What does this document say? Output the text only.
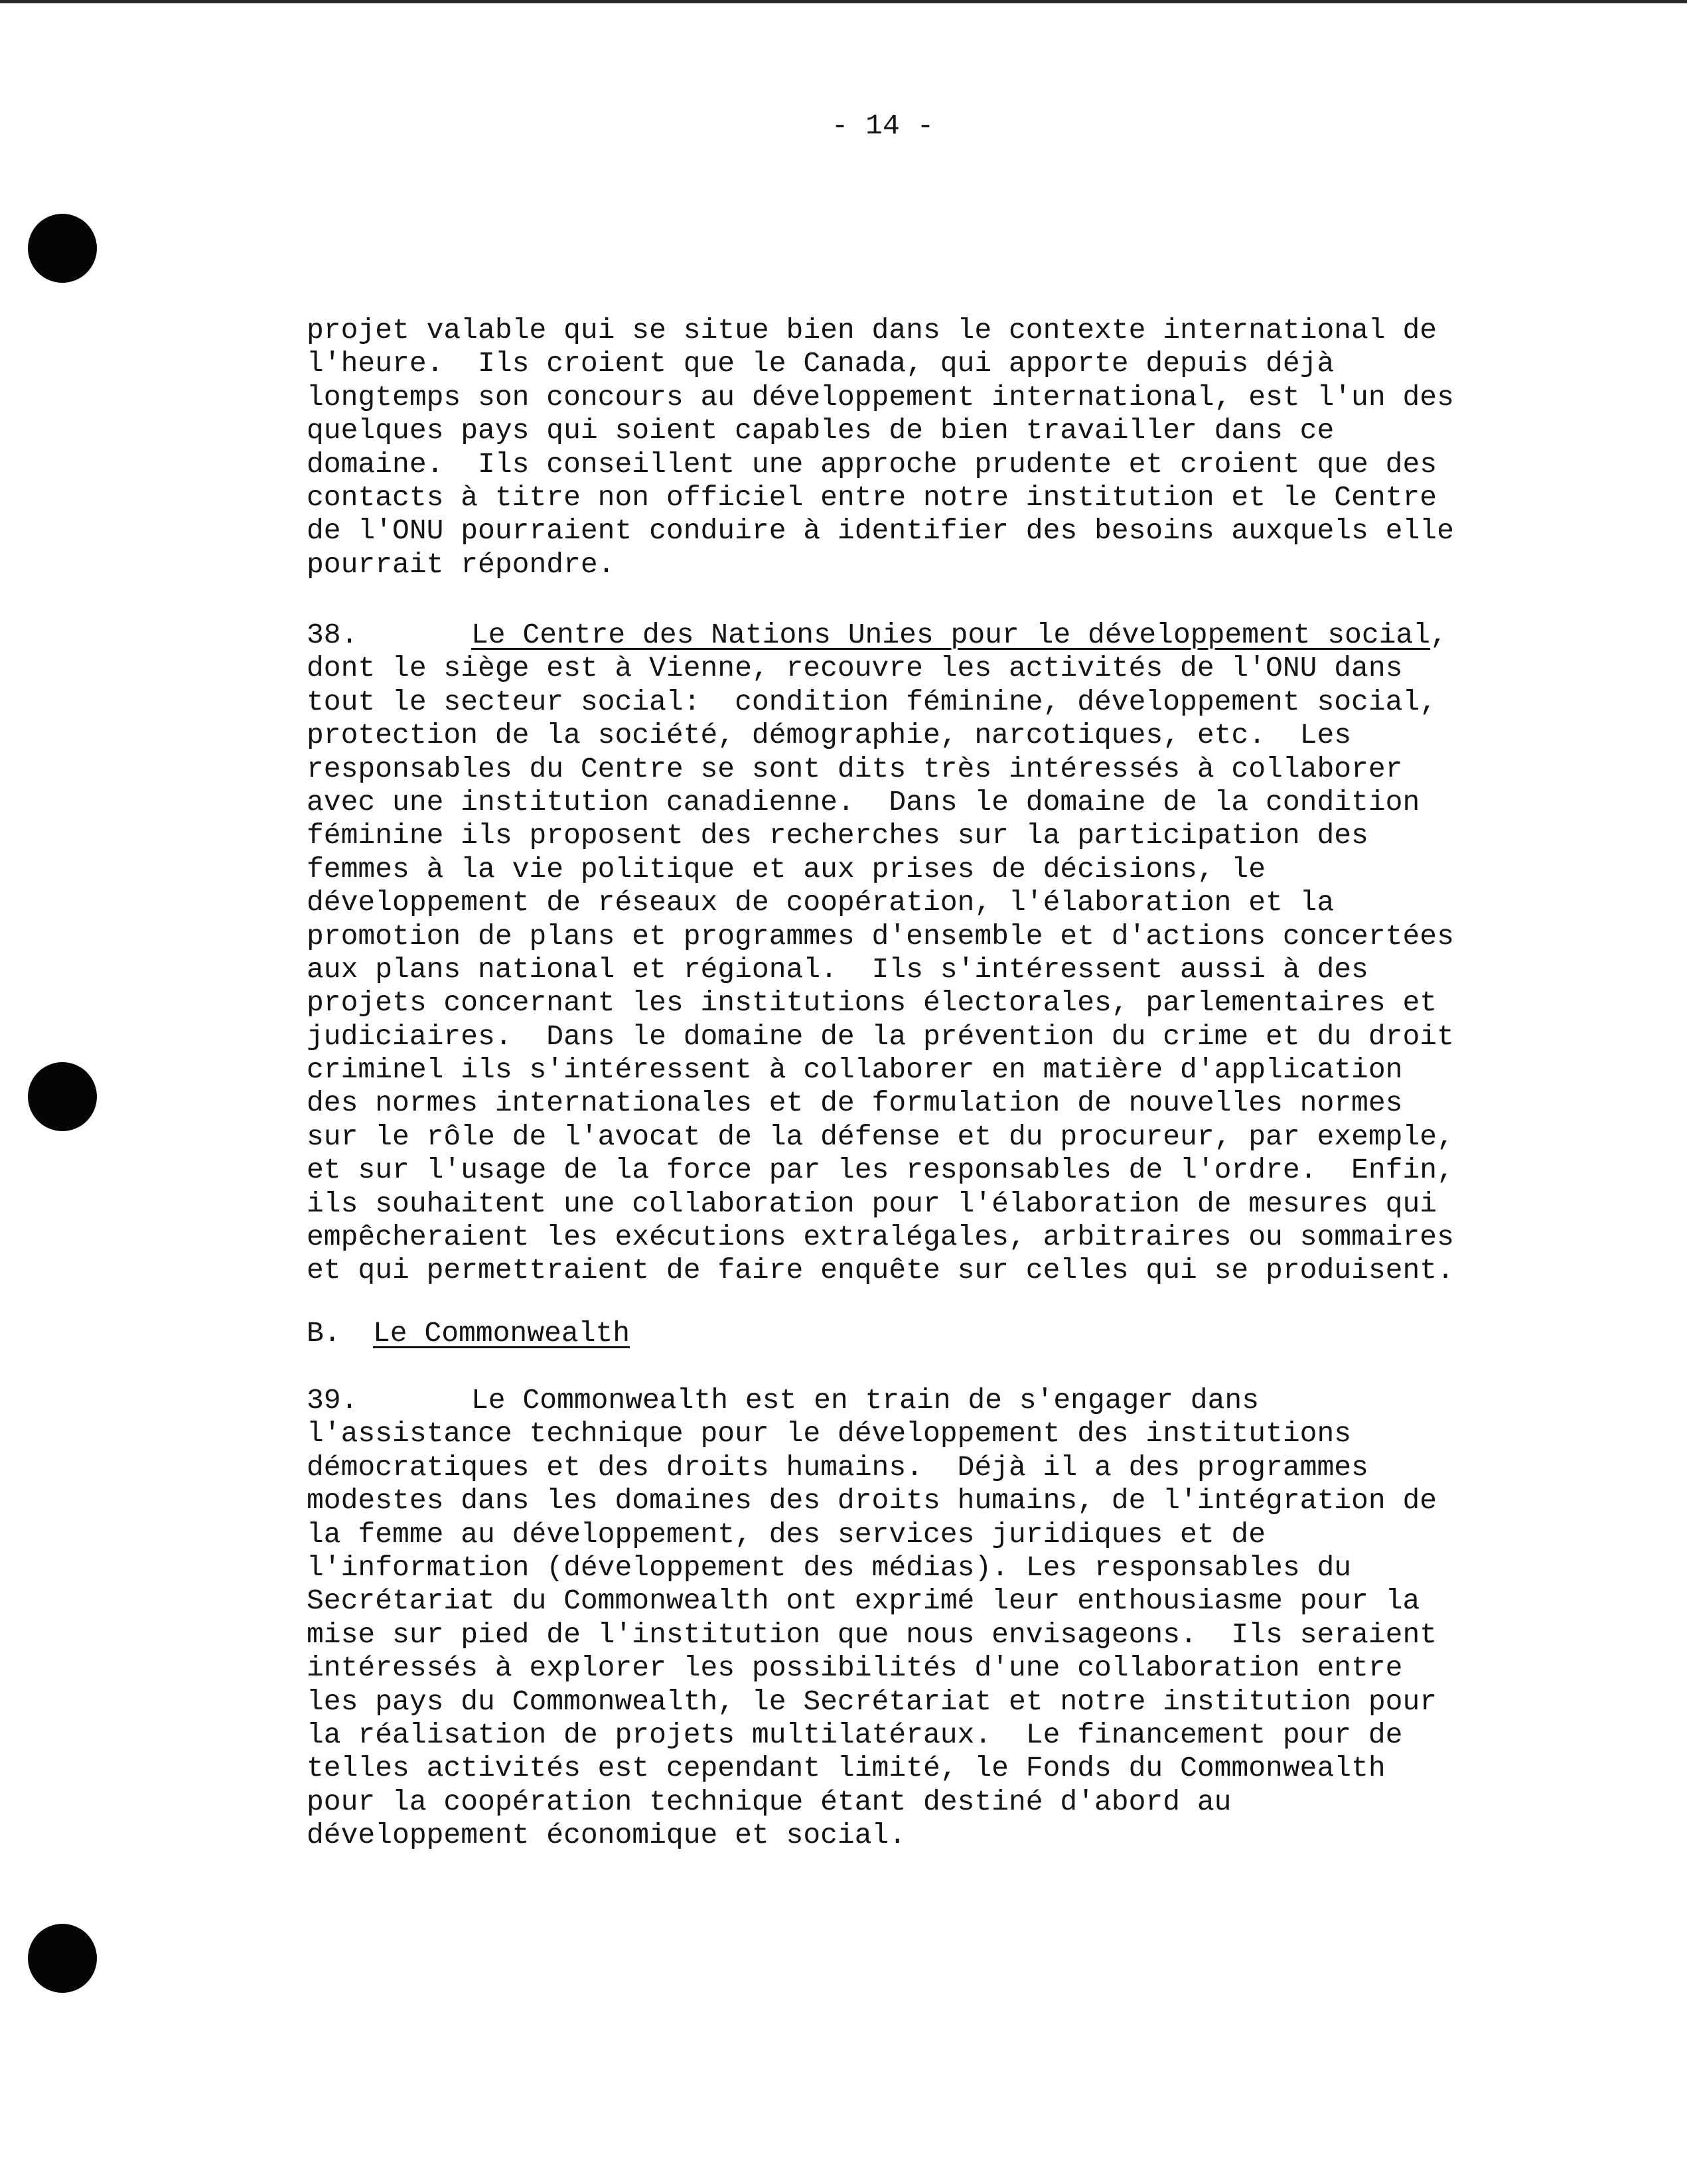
- 14 -
projet valable qui se situe bien dans le contexte international de
l'heure.  Ils croient que le Canada, qui apporte depuis déjà
longtemps son concours au développement international, est l'un des
quelques pays qui soient capables de bien travailler dans ce
domaine.  Ils conseillent une approche prudente et croient que des
contacts à titre non officiel entre notre institution et le Centre
de l'ONU pourraient conduire à identifier des besoins auxquels elle
pourrait répondre.
38.	Le Centre des Nations Unies pour le développement social,
dont le siège est à Vienne, recouvre les activités de l'ONU dans
tout le secteur social:  condition féminine, développement social,
protection de la société, démographie, narcotiques, etc.  Les
responsables du Centre se sont dits très intéressés à collaborer
avec une institution canadienne.  Dans le domaine de la condition
féminine ils proposent des recherches sur la participation des
femmes à la vie politique et aux prises de décisions, le
développement de réseaux de coopération, l'élaboration et la
promotion de plans et programmes d'ensemble et d'actions concertées
aux plans national et régional.  Ils s'intéressent aussi à des
projets concernant les institutions électorales, parlementaires et
judiciaires.  Dans le domaine de la prévention du crime et du droit
criminel ils s'intéressent à collaborer en matière d'application
des normes internationales et de formulation de nouvelles normes
sur le rôle de l'avocat de la défense et du procureur, par exemple,
et sur l'usage de la force par les responsables de l'ordre.  Enfin,
ils souhaitent une collaboration pour l'élaboration de mesures qui
empêcheraient les exécutions extralégales, arbitraires ou sommaires
et qui permettraient de faire enquête sur celles qui se produisent.
B. Le Commonwealth
39.	Le Commonwealth est en train de s'engager dans
l'assistance technique pour le développement des institutions
démocratiques et des droits humains.  Déjà il a des programmes
modestes dans les domaines des droits humains, de l'intégration de
la femme au développement, des services juridiques et de
l'information (développement des médias). Les responsables du
Secrétariat du Commonwealth ont exprimé leur enthousiasme pour la
mise sur pied de l'institution que nous envisageons.  Ils seraient
intéressés à explorer les possibilités d'une collaboration entre
les pays du Commonwealth, le Secrétariat et notre institution pour
la réalisation de projets multilatéraux.  Le financement pour de
telles activités est cependant limité, le Fonds du Commonwealth
pour la coopération technique étant destiné d'abord au
développement économique et social.
